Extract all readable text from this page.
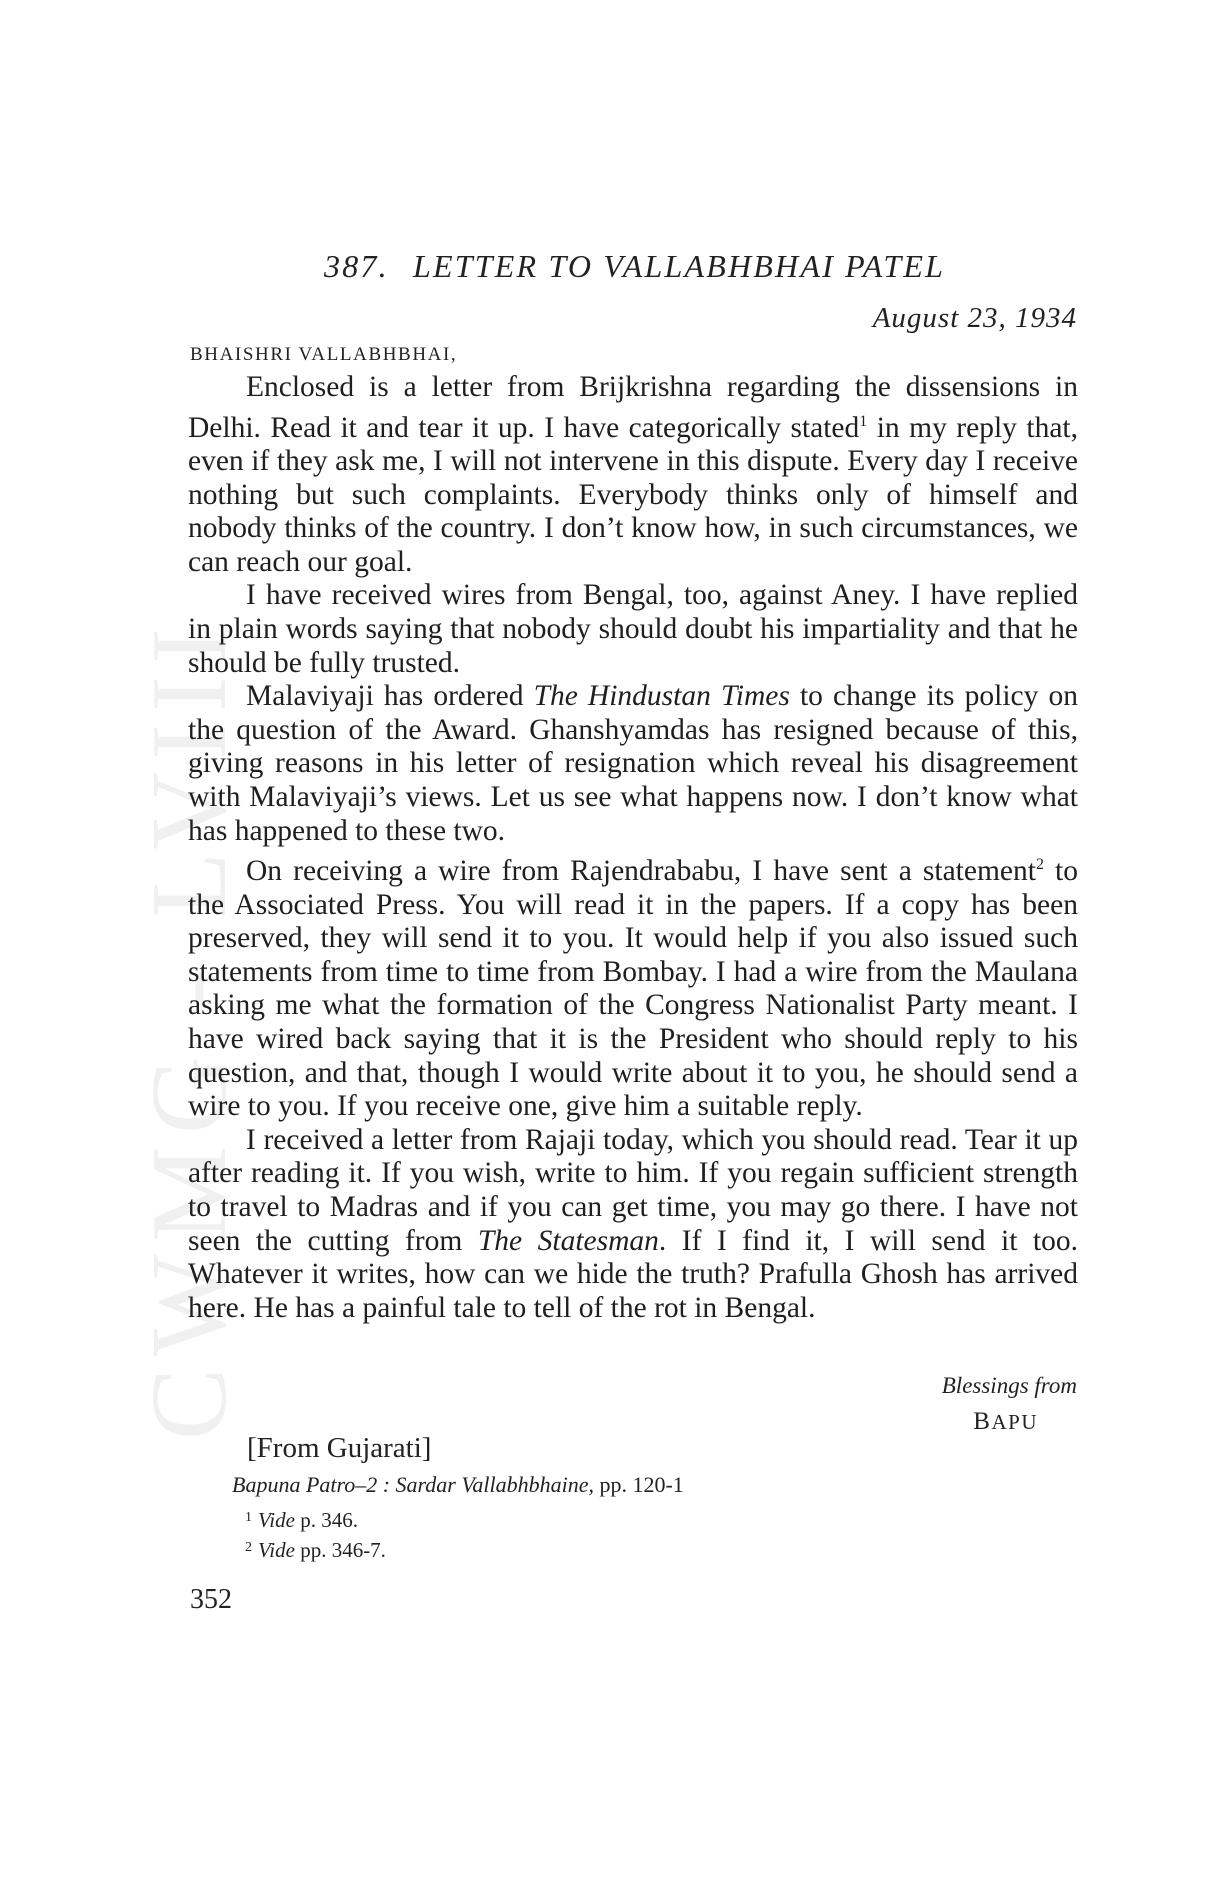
CWMG - LVIII
387. LETTER TO VALLABHBHAI PATEL
August 23, 1934
BHAISHRI VALLABHBHAI,

Enclosed is a letter from Brijkrishna regarding the dissensions in Delhi. Read it and tear it up. I have categorically stated$^1$ in my reply that, even if they ask me, I will not intervene in this dispute. Every day I receive nothing but such complaints. Everybody thinks only of himself and nobody thinks of the country. I don’t know how, in such circumstances, we can reach our goal.

I have received wires from Bengal, too, against Aney. I have replied in plain words saying that nobody should doubt his impartiality and that he should be fully trusted.

Malaviyaji has ordered The Hindustan Times to change its policy on the question of the Award. Ghanshyamdas has resigned because of this, giving reasons in his letter of resignation which reveal his disagreement with Malaviyaji’s views. Let us see what happens now. I don’t know what has happened to these two.

On receiving a wire from Rajendrababu, I have sent a statement$^2$ to the Associated Press. You will read it in the papers. If a copy has been preserved, they will send it to you. It would help if you also issued such statements from time to time from Bombay. I had a wire from the Maulana asking me what the formation of the Congress Nationalist Party meant. I have wired back saying that it is the President who should reply to his question, and that, though I would write about it to you, he should send a wire to you. If you receive one, give him a suitable reply.

I received a letter from Rajaji today, which you should read. Tear it up after reading it. If you wish, write to him. If you regain sufficient strength to travel to Madras and if you can get time, you may go there. I have not seen the cutting from The Statesman. If I find it, I will send it too. Whatever it writes, how can we hide the truth? Prafulla Ghosh has arrived here. He has a painful tale to tell of the rot in Bengal.

Blessings from
BAPU
[From Gujarati]
Bapuna Patro–2 : Sardar Vallabhbhaine, pp. 120-1
$^1$ Vide p. 346.
$^2$ Vide pp. 346-7.
352
